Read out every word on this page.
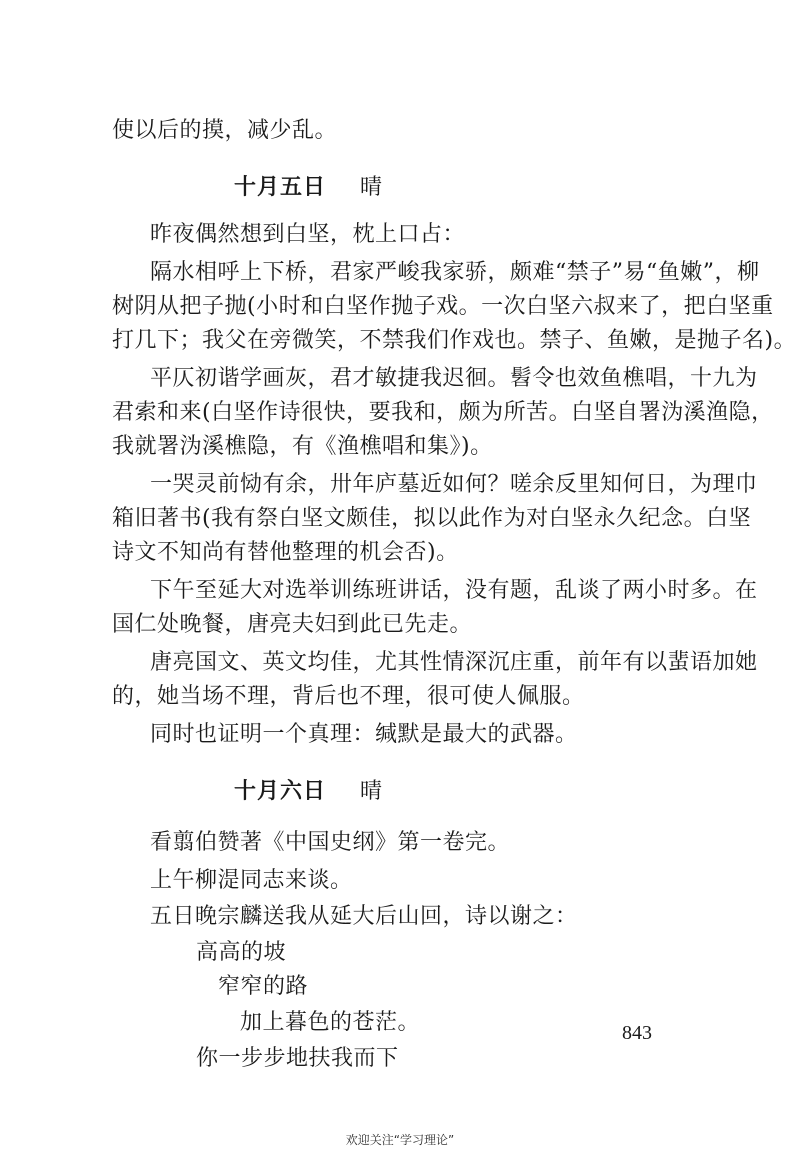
使以后的摸，减少乱。
十月五日 晴
昨夜偶然想到白坚，枕上口占：
隔水相呼上下桥，君家严峻我家骄，颇难“禁子”易“鱼嫩”，柳
树阴从把子抛(小时和白坚作抛子戏。一次白坚六叔来了，把白坚重
打几下；我父在旁微笑，不禁我们作戏也。禁子、鱼嫩，是抛子名)。
平仄初谐学画灰，君才敏捷我迟徊。髫令也效鱼樵唱，十九为
君索和来(白坚作诗很快，要我和，颇为所苦。白坚自署沩溪渔隐，
我就署沩溪樵隐，有《渔樵唱和集》)。
一哭灵前恸有余，卅年庐墓近如何？嗟余反里知何日，为理巾
箱旧著书(我有祭白坚文颇佳，拟以此作为对白坚永久纪念。白坚
诗文不知尚有替他整理的机会否)。
下午至延大对选举训练班讲话，没有题，乱谈了两小时多。在
国仁处晚餐，唐亮夫妇到此已先走。
唐亮国文、英文均佳，尤其性情深沉庄重，前年有以蜚语加她
的，她当场不理，背后也不理，很可使人佩服。
同时也证明一个真理：缄默是最大的武器。
十月六日 晴
看翦伯赞著《中国史纲》第一卷完。
上午柳湜同志来谈。
五日晚宗麟送我从延大后山回，诗以谢之：
高高的坡
窄窄的路
加上暮色的苍茫。
你一步步地扶我而下
843
欢迎关注“学习理论”
